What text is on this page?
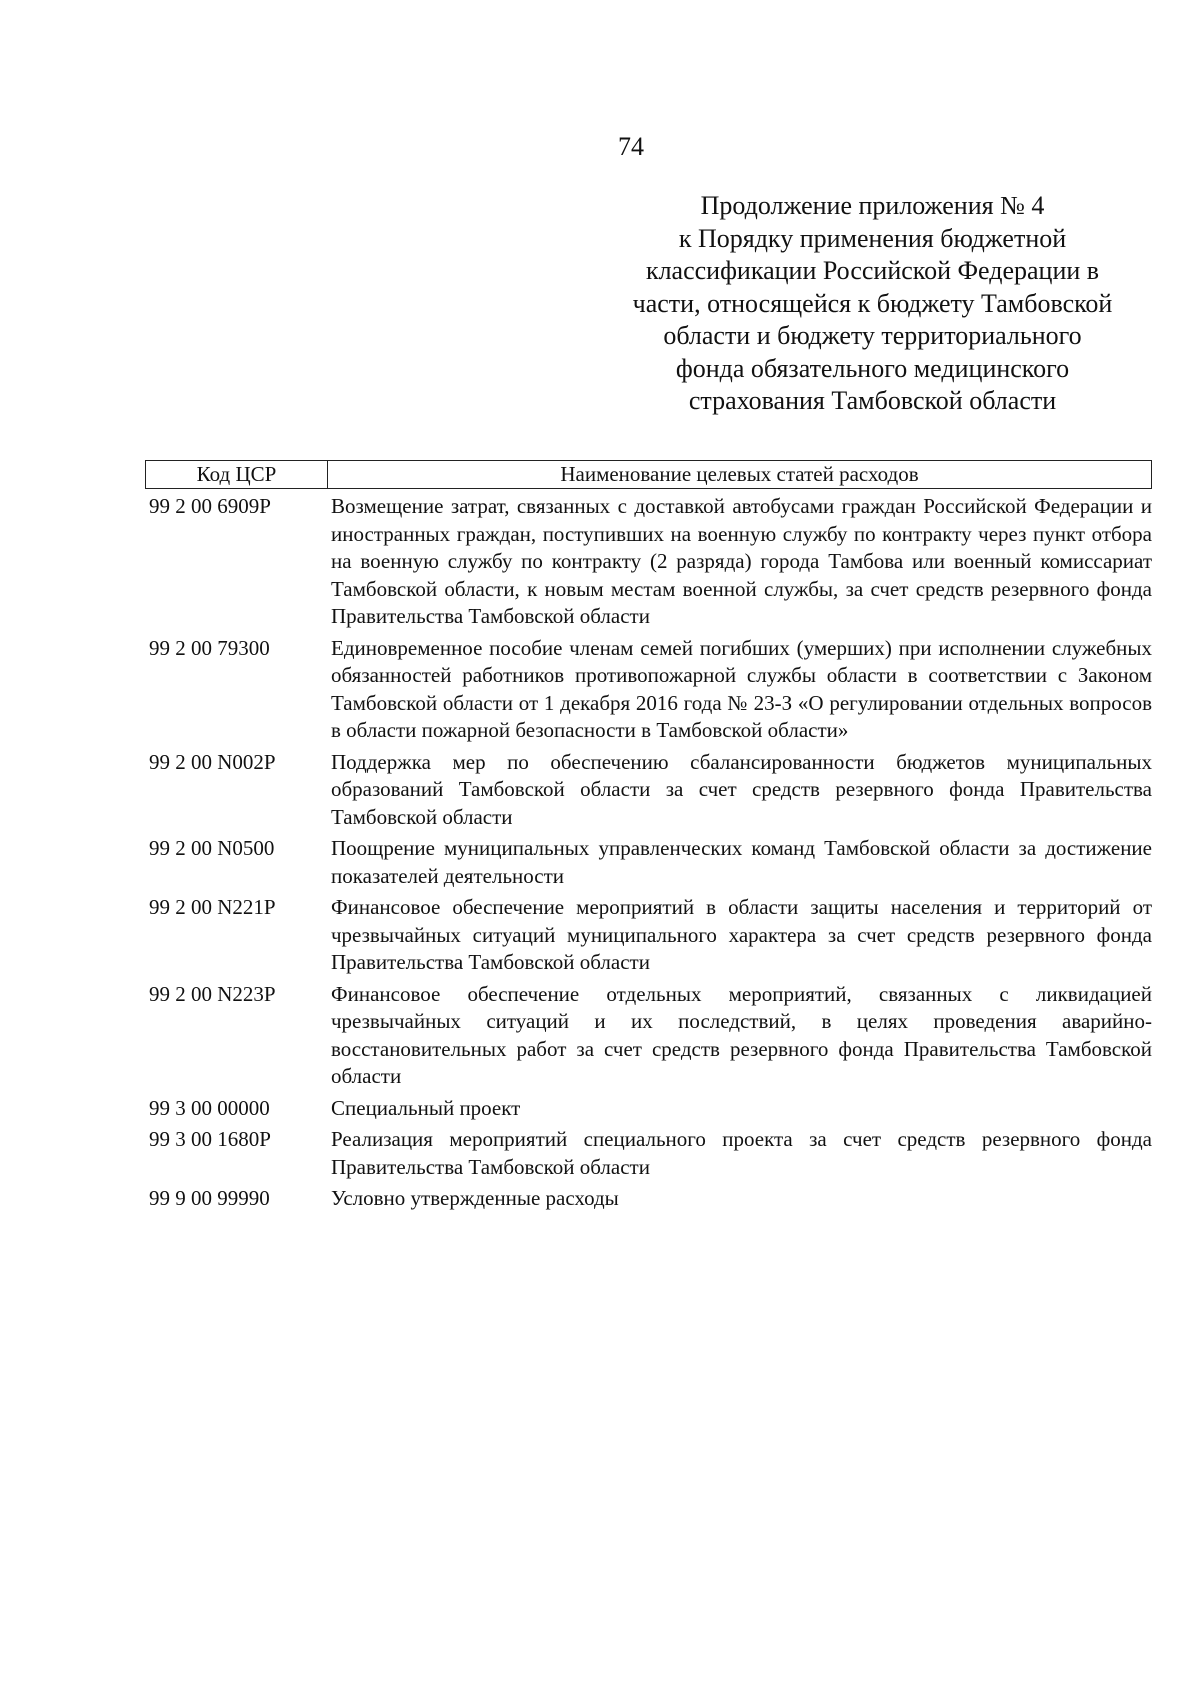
74
Продолжение приложения № 4
к Порядку применения бюджетной
классификации Российской Федерации в
части, относящейся к бюджету Тамбовской
области и бюджету территориального
фонда обязательного медицинского
страхования Тамбовской области
Код ЦСР	Наименование целевых статей расходов
99 2 00 6909Р	Возмещение затрат, связанных с доставкой автобусами граждан Российской Федерации и иностранных граждан, поступивших на военную службу по контракту через пункт отбора на военную службу по контракту (2 разряда) города Тамбова или военный комиссариат Тамбовской области, к новым местам военной службы, за счет средств резервного фонда Правительства Тамбовской области
99 2 00 79300	Единовременное пособие членам семей погибших (умерших) при исполнении служебных обязанностей работников противопожарной службы области в соответствии с Законом Тамбовской области от 1 декабря 2016 года № 23-З «О регулировании отдельных вопросов в области пожарной безопасности в Тамбовской области»
99 2 00 N002Р	Поддержка мер по обеспечению сбалансированности бюджетов муниципальных образований Тамбовской области за счет средств резервного фонда Правительства Тамбовской области
99 2 00 N0500	Поощрение муниципальных управленческих команд Тамбовской области за достижение показателей деятельности
99 2 00 N221Р	Финансовое обеспечение мероприятий в области защиты населения и территорий от чрезвычайных ситуаций муниципального характера за счет средств резервного фонда Правительства Тамбовской области
99 2 00 N223Р	Финансовое обеспечение отдельных мероприятий, связанных с ликвидацией чрезвычайных ситуаций и их последствий, в целях проведения аварийно-восстановительных работ за счет средств резервного фонда Правительства Тамбовской области
99 3 00 00000	Специальный проект
99 3 00 1680Р	Реализация мероприятий специального проекта за счет средств резервного фонда Правительства Тамбовской области
99 9 00 99990	Условно утвержденные расходы
